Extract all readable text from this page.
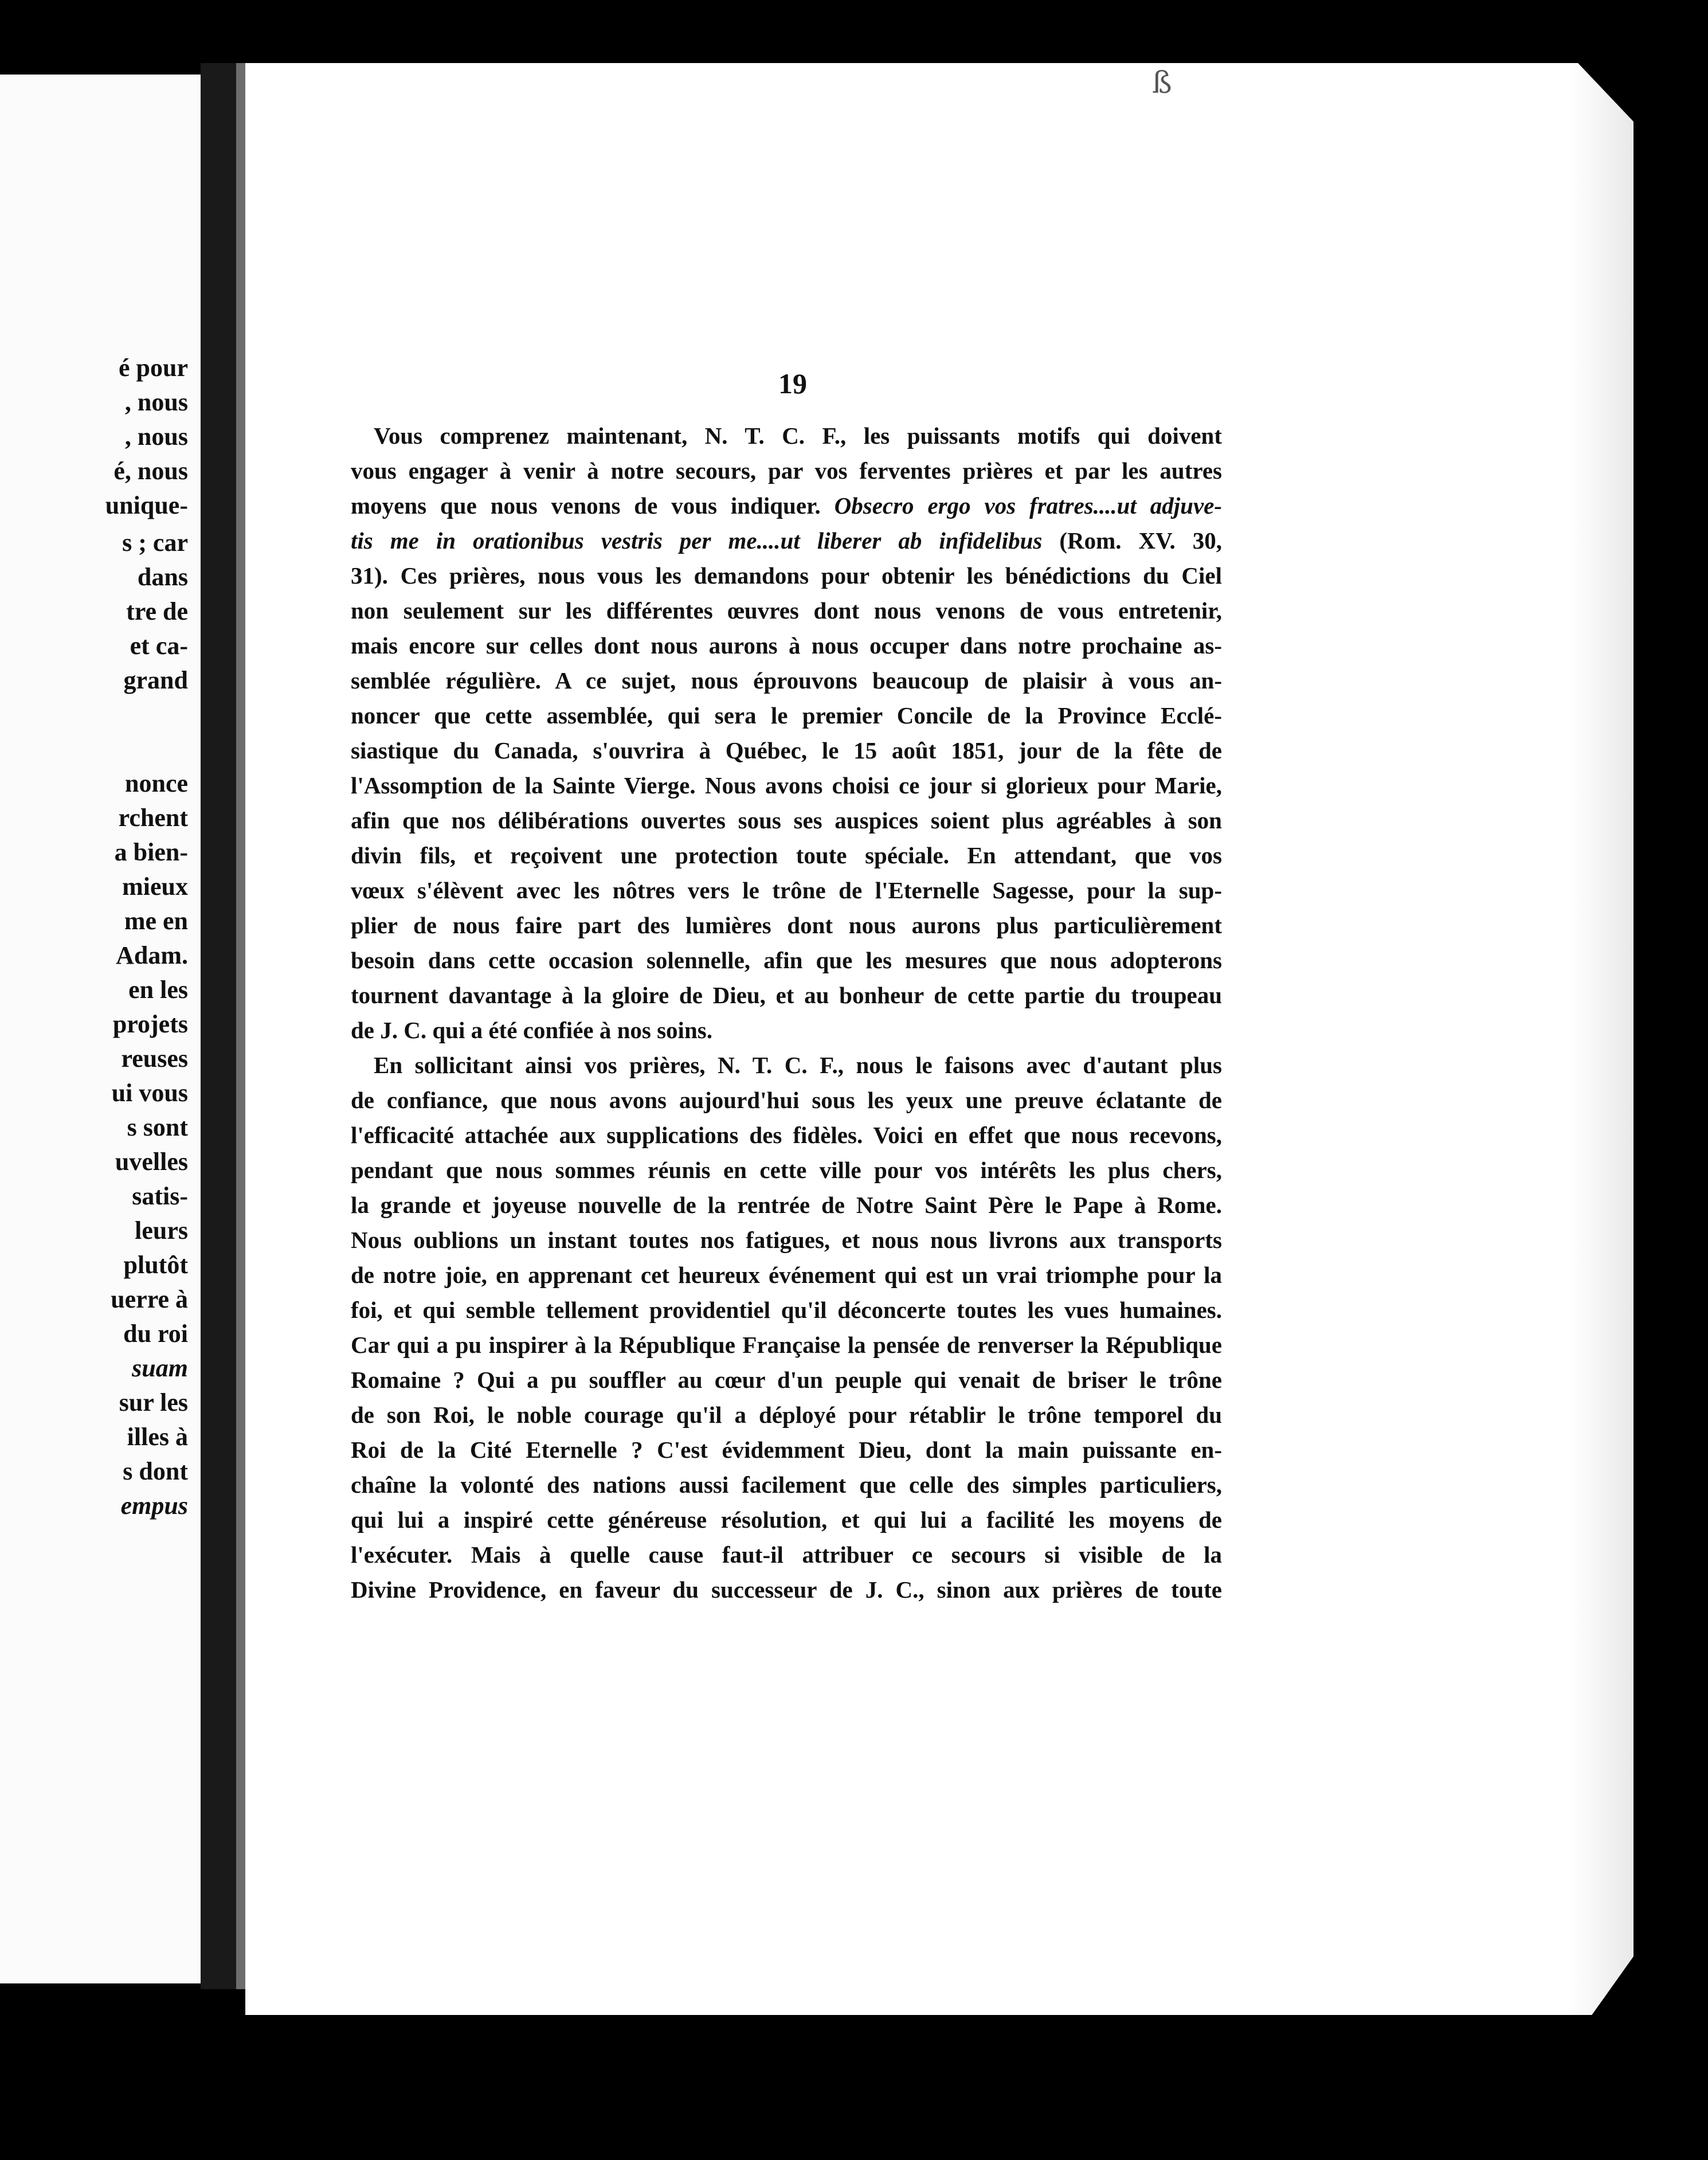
é pour
, nous
, nous
é, nous
unique-
s ; car
dans
tre de
et ca-
grand
nonce
rchent
a bien-
mieux
me en
Adam.
en les
projets
reuses
ui vous
s sont
uvelles
satis-
leurs
plutôt
uerre à
du roi
suam
sur les
illes à
s dont
empus
ß
19
Vous comprenez maintenant, N. T. C. F., les puissants motifs qui doivent
vous engager à venir à notre secours, par vos ferventes prières et par les autres
moyens que nous venons de vous indiquer. Obsecro ergo vos fratres....ut adjuve-
tis me in orationibus vestris per me....ut liberer ab infidelibus (Rom. XV. 30,
31). Ces prières, nous vous les demandons pour obtenir les bénédictions du Ciel
non seulement sur les différentes œuvres dont nous venons de vous entretenir,
mais encore sur celles dont nous aurons à nous occuper dans notre prochaine as-
semblée régulière. A ce sujet, nous éprouvons beaucoup de plaisir à vous an-
noncer que cette assemblée, qui sera le premier Concile de la Province Ecclé-
siastique du Canada, s'ouvrira à Québec, le 15 août 1851, jour de la fête de
l'Assomption de la Sainte Vierge. Nous avons choisi ce jour si glorieux pour Marie,
afin que nos délibérations ouvertes sous ses auspices soient plus agréables à son
divin fils, et reçoivent une protection toute spéciale. En attendant, que vos
vœux s'élèvent avec les nôtres vers le trône de l'Eternelle Sagesse, pour la sup-
plier de nous faire part des lumières dont nous aurons plus particulièrement
besoin dans cette occasion solennelle, afin que les mesures que nous adopterons
tournent davantage à la gloire de Dieu, et au bonheur de cette partie du troupeau
de J. C. qui a été confiée à nos soins.
En sollicitant ainsi vos prières, N. T. C. F., nous le faisons avec d'autant plus
de confiance, que nous avons aujourd'hui sous les yeux une preuve éclatante de
l'efficacité attachée aux supplications des fidèles. Voici en effet que nous recevons,
pendant que nous sommes réunis en cette ville pour vos intérêts les plus chers,
la grande et joyeuse nouvelle de la rentrée de Notre Saint Père le Pape à Rome.
Nous oublions un instant toutes nos fatigues, et nous nous livrons aux transports
de notre joie, en apprenant cet heureux événement qui est un vrai triomphe pour la
foi, et qui semble tellement providentiel qu'il déconcerte toutes les vues humaines.
Car qui a pu inspirer à la République Française la pensée de renverser la République
Romaine ? Qui a pu souffler au cœur d'un peuple qui venait de briser le trône
de son Roi, le noble courage qu'il a déployé pour rétablir le trône temporel du
Roi de la Cité Eternelle ? C'est évidemment Dieu, dont la main puissante en-
chaîne la volonté des nations aussi facilement que celle des simples particuliers,
qui lui a inspiré cette généreuse résolution, et qui lui a facilité les moyens de
l'exécuter. Mais à quelle cause faut-il attribuer ce secours si visible de la
Divine Providence, en faveur du successeur de J. C., sinon aux prières de toute
